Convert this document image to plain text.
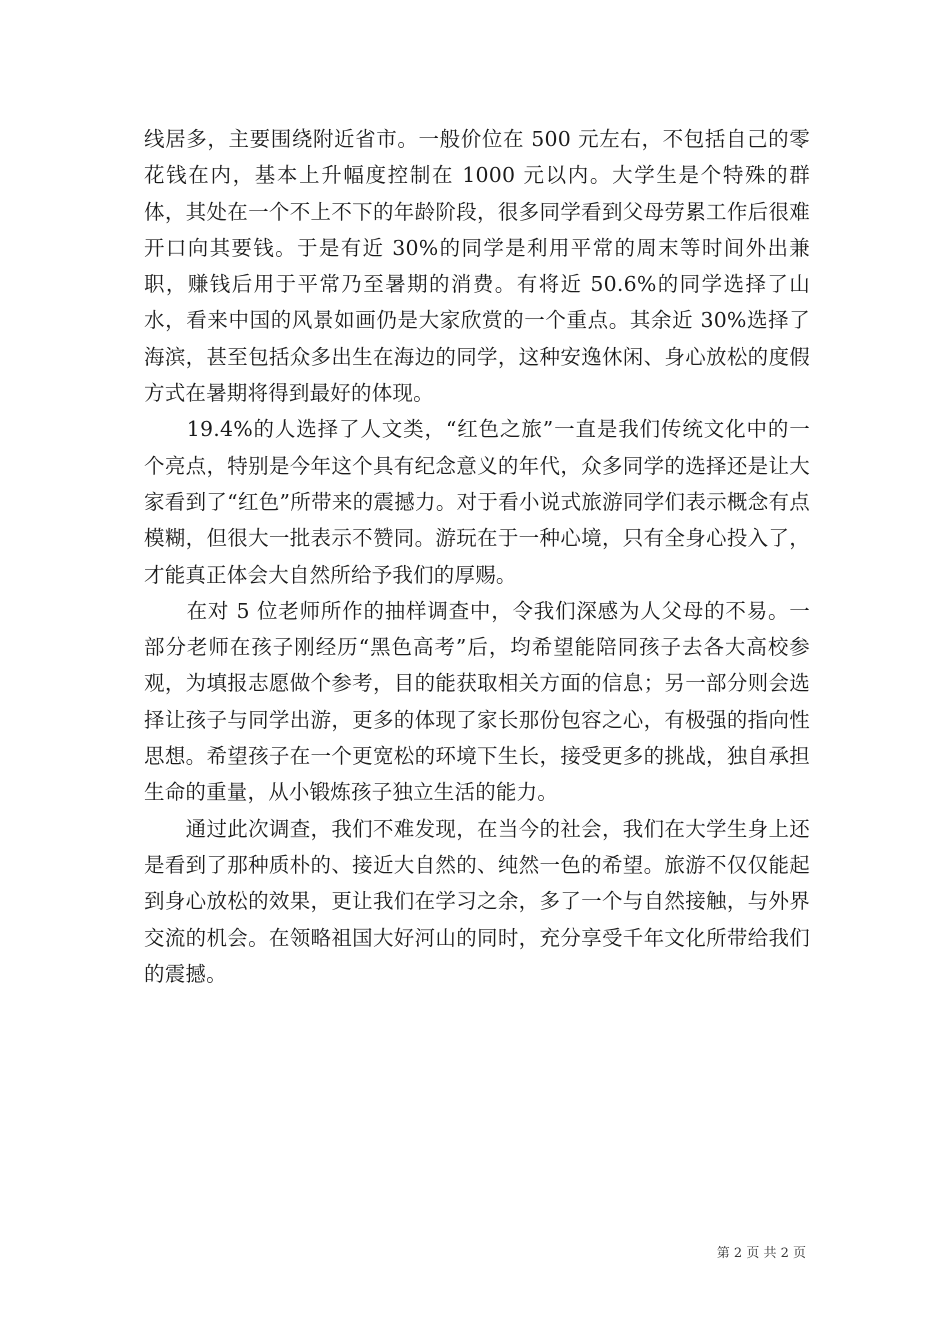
线居多，主要围绕附近省市。一般价位在 500 元左右，不包括自己的零花钱在内，基本上升幅度控制在 1000 元以内。大学生是个特殊的群体，其处在一个不上不下的年龄阶段，很多同学看到父母劳累工作后很难开口向其要钱。于是有近 30%的同学是利用平常的周末等时间外出兼职，赚钱后用于平常乃至暑期的消费。有将近 50.6%的同学选择了山水，看来中国的风景如画仍是大家欣赏的一个重点。其余近 30%选择了海滨，甚至包括众多出生在海边的同学，这种安逸休闲、身心放松的度假方式在暑期将得到最好的体现。

　　19.4%的人选择了人文类，“红色之旅”一直是我们传统文化中的一个亮点，特别是今年这个具有纪念意义的年代，众多同学的选择还是让大家看到了“红色”所带来的震撼力。对于看小说式旅游同学们表示概念有点模糊，但很大一批表示不赞同。游玩在于一种心境，只有全身心投入了，才能真正体会大自然所给予我们的厚赐。

　　在对 5 位老师所作的抽样调查中，令我们深感为人父母的不易。一部分老师在孩子刚经历“黑色高考”后，均希望能陪同孩子去各大高校参观，为填报志愿做个参考，目的能获取相关方面的信息；另一部分则会选择让孩子与同学出游，更多的体现了家长那份包容之心，有极强的指向性思想。希望孩子在一个更宽松的环境下生长，接受更多的挑战，独自承担生命的重量，从小锻炼孩子独立生活的能力。

　　通过此次调查，我们不难发现，在当今的社会，我们在大学生身上还是看到了那种质朴的、接近大自然的、纯然一色的希望。旅游不仅仅能起到身心放松的效果，更让我们在学习之余，多了一个与自然接触，与外界交流的机会。在领略祖国大好河山的同时，充分享受千年文化所带给我们的震撼。

第 2 页 共 2 页
